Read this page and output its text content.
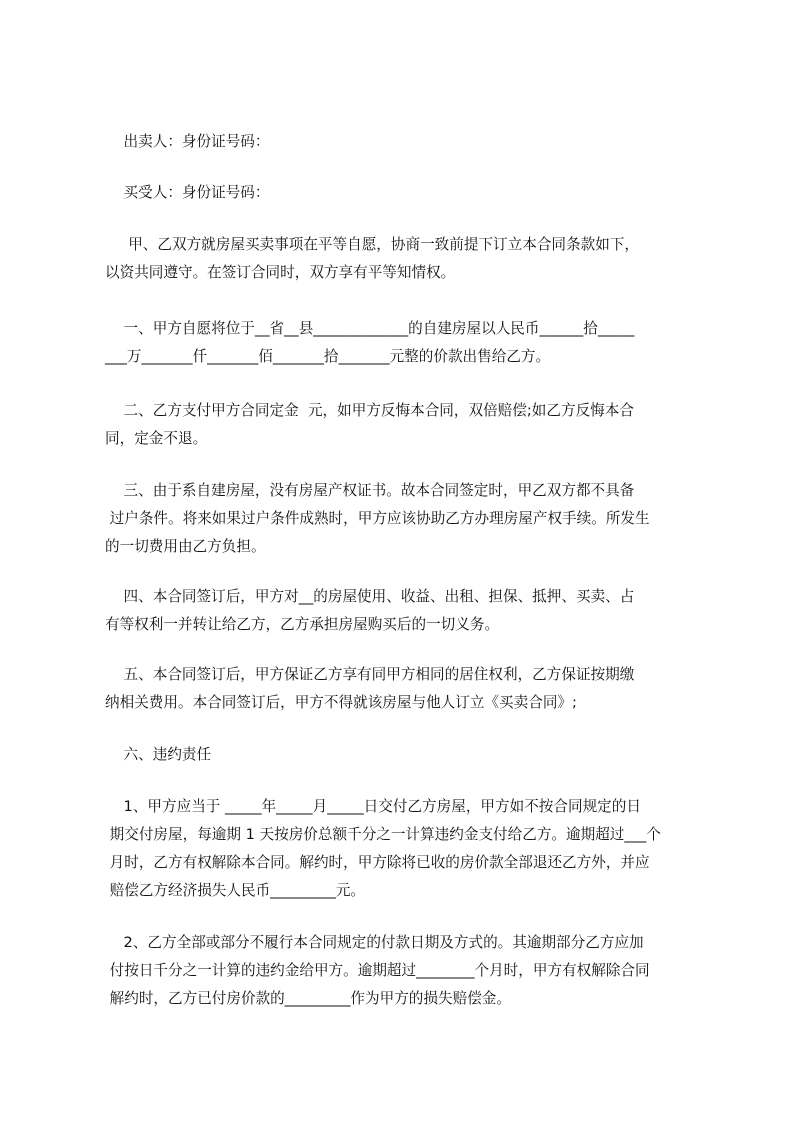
出卖人：身份证号码：
买受人：身份证号码：
甲、乙双方就房屋买卖事项在平等自愿，协商一致前提下订立本合同条款如下，
以资共同遵守。在签订合同时，双方享有平等知情权。
一、甲方自愿将位于__省__县_____________的自建房屋以人民币______拾_____
___万_______仟_______佰_______拾_______元整的价款出售给乙方。
二、乙方支付甲方合同定金  元，如甲方反悔本合同，双倍赔偿;如乙方反悔本合
同，定金不退。
三、由于系自建房屋，没有房屋产权证书。故本合同签定时，甲乙双方都不具备
过户条件。将来如果过户条件成熟时，甲方应该协助乙方办理房屋产权手续。所发生
的一切费用由乙方负担。
四、本合同签订后，甲方对__的房屋使用、收益、出租、担保、抵押、买卖、占
有等权利一并转让给乙方，乙方承担房屋购买后的一切义务。
五、本合同签订后，甲方保证乙方享有同甲方相同的居住权利，乙方保证按期缴
纳相关费用。本合同签订后，甲方不得就该房屋与他人订立《买卖合同》;
六、违约责任
1、甲方应当于 _____年_____月_____日交付乙方房屋，甲方如不按合同规定的日
期交付房屋，每逾期 1 天按房价总额千分之一计算违约金支付给乙方。逾期超过___个
月时，乙方有权解除本合同。解约时，甲方除将已收的房价款全部退还乙方外，并应
赔偿乙方经济损失人民币_________元。
2、乙方全部或部分不履行本合同规定的付款日期及方式的。其逾期部分乙方应加
付按日千分之一计算的违约金给甲方。逾期超过________个月时，甲方有权解除合同
解约时，乙方已付房价款的_________作为甲方的损失赔偿金。
